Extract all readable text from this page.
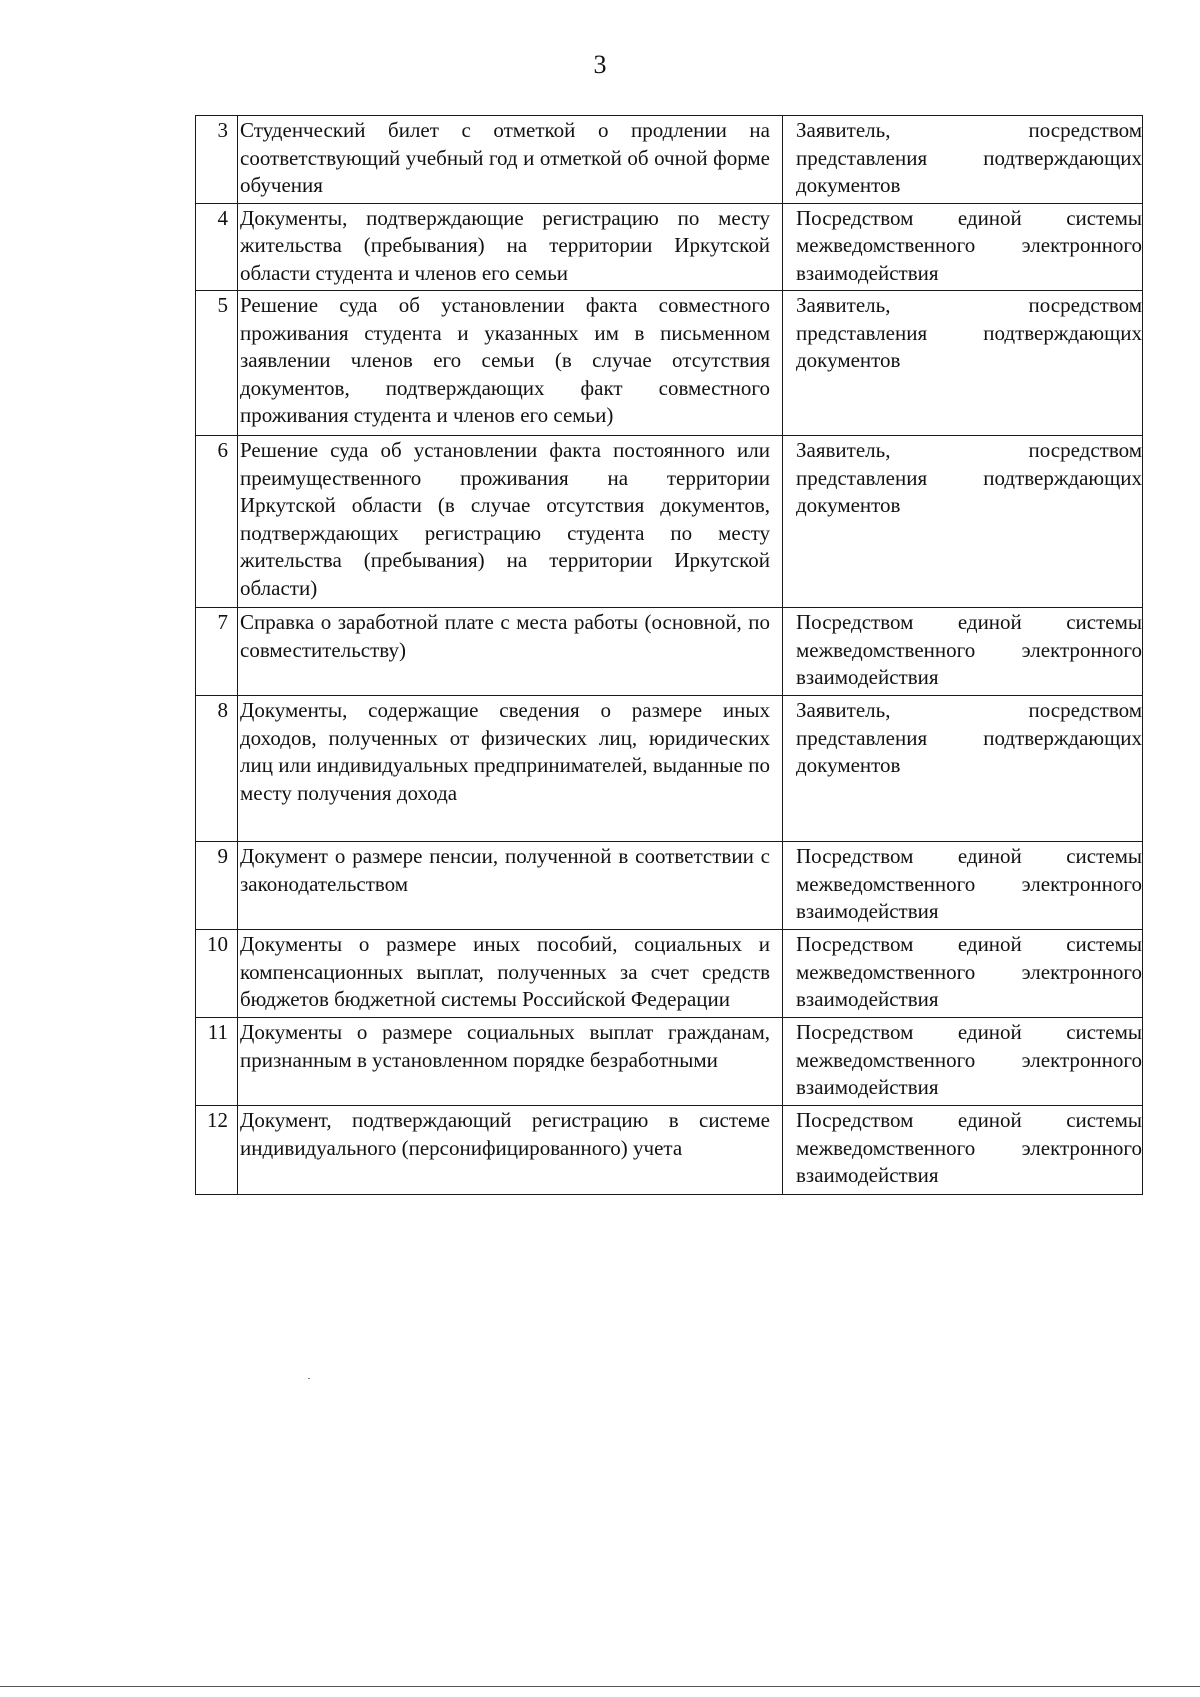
3
3	Студенческий билет с отметкой о продлении на соответствующий учебный год и отметкой об очной форме обучения	Заявитель, посредством представления подтверждающих документов
4	Документы, подтверждающие регистрацию по месту жительства (пребывания) на территории Иркутской области студента и членов его семьи	Посредством единой системы межведомственного электронного взаимодействия
5	Решение суда об установлении факта совместного проживания студента и указанных им в письменном заявлении членов его семьи (в случае отсутствия документов, подтверждающих факт совместного проживания студента и членов его семьи)	Заявитель, посредством представления подтверждающих документов
6	Решение суда об установлении факта постоянного или преимущественного проживания на территории Иркутской области (в случае отсутствия документов, подтверждающих регистрацию студента по месту жительства (пребывания) на территории Иркутской области)	Заявитель, посредством представления подтверждающих документов
7	Справка о заработной плате с места работы (основной, по совместительству)	Посредством единой системы межведомственного электронного взаимодействия
8	Документы, содержащие сведения о размере иных доходов, полученных от физических лиц, юридических лиц или индивидуальных предпринимателей, выданные по месту получения дохода	Заявитель, посредством представления подтверждающих документов
9	Документ о размере пенсии, полученной в соответствии с законодательством	Посредством единой системы межведомственного электронного взаимодействия
10	Документы о размере иных пособий, социальных и компенсационных выплат, полученных за счет средств бюджетов бюджетной системы Российской Федерации	Посредством единой системы межведомственного электронного взаимодействия
11	Документы о размере социальных выплат гражданам, признанным в установленном порядке безработными	Посредством единой системы межведомственного электронного взаимодействия
12	Документ, подтверждающий регистрацию в системе индивидуального (персонифицированного) учета	Посредством единой системы межведомственного электронного взаимодействия
